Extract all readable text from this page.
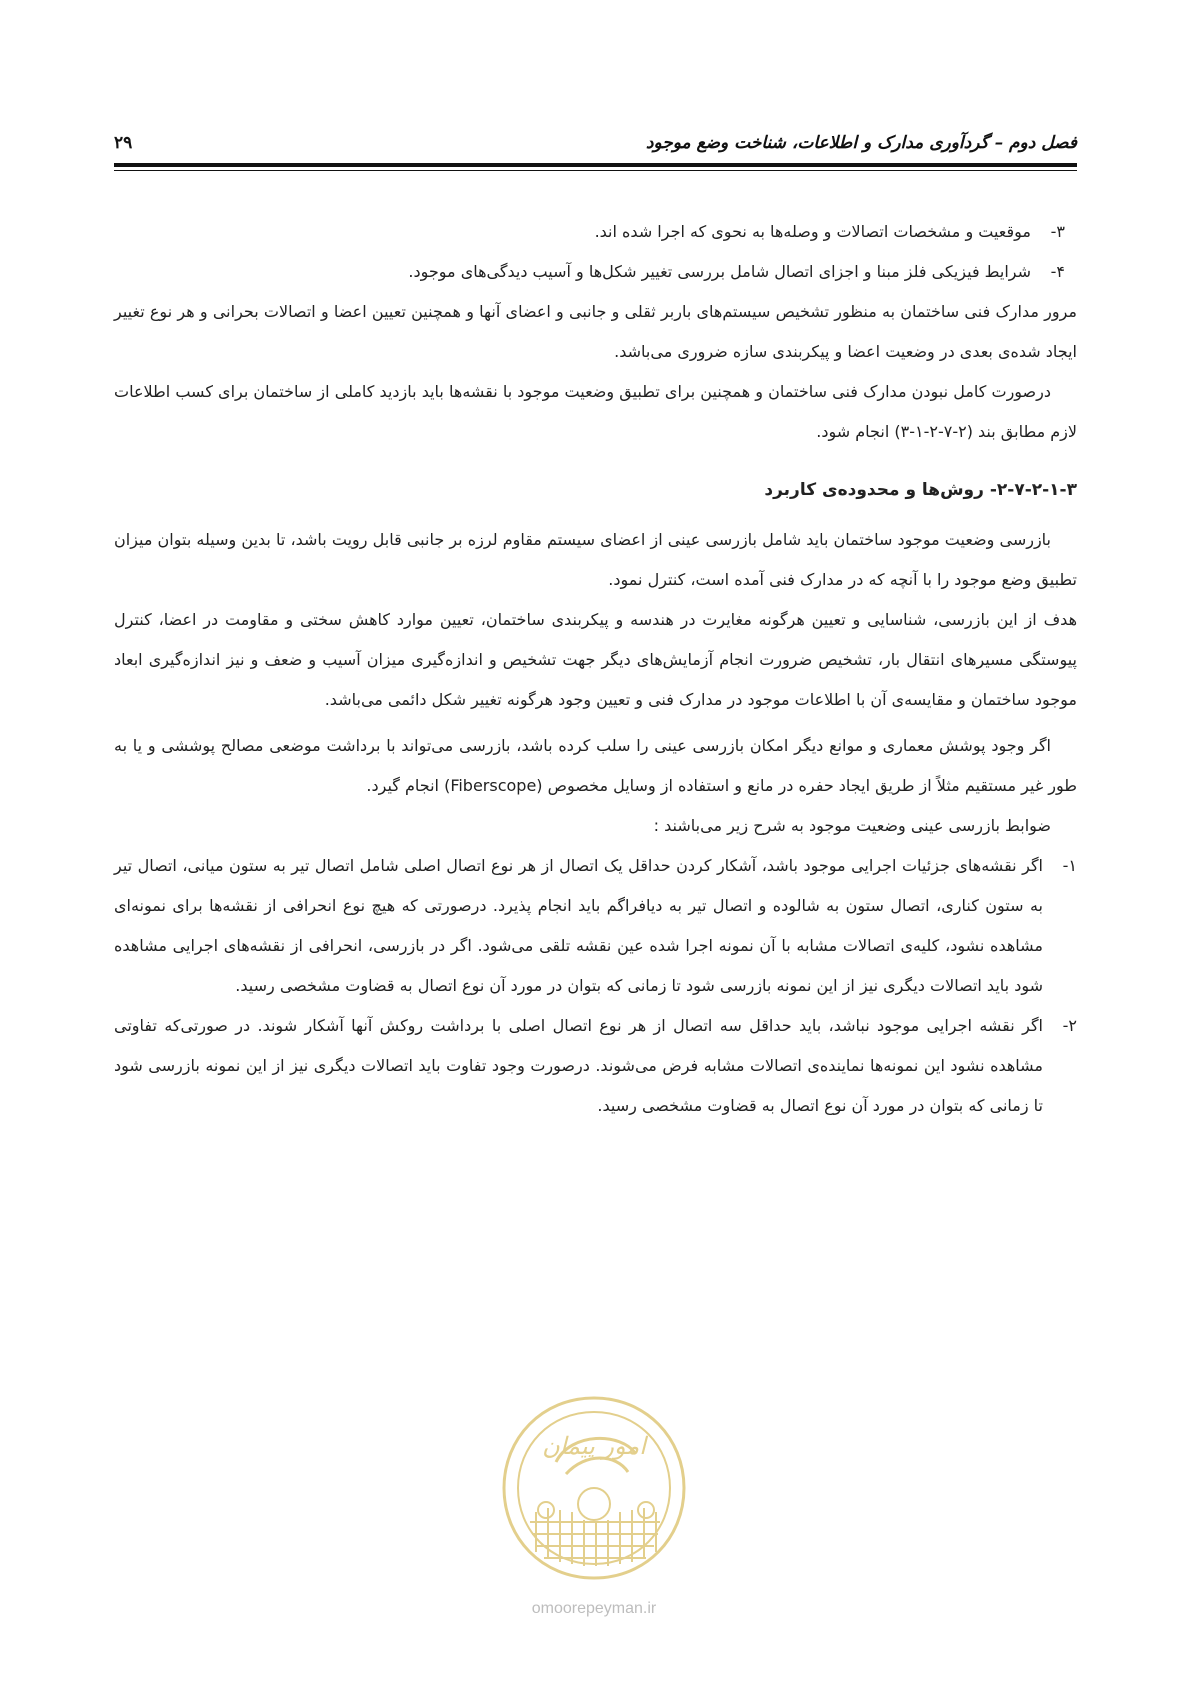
فصل دوم – گردآوری مدارک و اطلاعات، شناخت وضع موجود
۲۹

۳-
موقعیت و مشخصات اتصالات و وصله‌ها به نحوی که اجرا شده اند.

۴-
شرایط فیزیکی فلز مبنا و اجزای اتصال شامل بررسی تغییر شکل‌ها و آسیب دیدگی‌های موجود.

مرور مدارک فنی ساختمان به منظور تشخیص سیستم‌های باربر ثقلی و جانبی و اعضای آنها و همچنین تعیین اعضا و اتصالات بحرانی و هر نوع تغییر ایجاد شده‌ی بعدی در وضعیت اعضا و پیکربندی سازه ضروری می‌باشد.

درصورت کامل نبودن مدارک فنی ساختمان و همچنین برای تطبیق وضعیت موجود با نقشه‌ها باید بازدید کاملی از ساختمان برای کسب اطلاعات لازم مطابق بند (۲-۷-۲-۱-۳) انجام شود.

۲-۷-۲-۱-۳- روش‌ها و محدوده‌ی کاربرد

بازرسی وضعیت موجود ساختمان باید شامل بازرسی عینی از اعضای سیستم مقاوم لرزه بر جانبی قابل رویت باشد، تا بدین وسیله بتوان میزان تطبیق وضع موجود را با آنچه که در مدارک فنی آمده است، کنترل نمود.

هدف از این بازرسی، شناسایی و تعیین هرگونه مغایرت در هندسه و پیکربندی ساختمان، تعیین موارد کاهش سختی و مقاومت در اعضا، کنترل پیوستگی مسیرهای انتقال بار، تشخیص ضرورت انجام آزمایش‌های دیگر جهت تشخیص و اندازه‌گیری میزان آسیب و ضعف و نیز اندازه‌گیری ابعاد موجود ساختمان و مقایسه‌ی آن با اطلاعات موجود در مدارک فنی و تعیین وجود هرگونه تغییر شکل دائمی می‌باشد.

اگر وجود پوشش معماری و موانع دیگر امکان بازرسی عینی را سلب کرده باشد، بازرسی می‌تواند با برداشت موضعی مصالح پوششی و یا به طور غیر مستقیم مثلاً از طریق ایجاد حفره در مانع و استفاده از وسایل مخصوص (Fiberscope) انجام گیرد.

ضوابط بازرسی عینی وضعیت موجود به شرح زیر می‌باشند :

۱-
اگر نقشه‌های جزئیات اجرایی موجود باشد، آشکار کردن حداقل یک اتصال از هر نوع اتصال اصلی شامل اتصال تیر به ستون میانی، اتصال تیر به ستون کناری، اتصال ستون به شالوده و اتصال تیر به دیافراگم باید انجام پذیرد. درصورتی که هیچ نوع انحرافی از نقشه‌ها برای نمونه‌ای مشاهده نشود، کلیه‌ی اتصالات مشابه با آن نمونه اجرا شده عین نقشه تلقی می‌شود. اگر در بازرسی، انحرافی از نقشه‌های اجرایی مشاهده شود باید اتصالات دیگری نیز از این نمونه بازرسی شود تا زمانی که بتوان در مورد آن نوع اتصال به قضاوت مشخصی رسید.

۲-
اگر نقشه اجرایی موجود نباشد، باید حداقل سه اتصال از هر نوع اتصال اصلی با برداشت روکش آنها آشکار شوند. در صورتی‌که تفاوتی مشاهده نشود این نمونه‌ها نماینده‌ی اتصالات مشابه فرض می‌شوند. درصورت وجود تفاوت باید اتصالات دیگری نیز از این نمونه بازرسی شود تا زمانی که بتوان در مورد آن نوع اتصال به قضاوت مشخصی رسید.

امور پیمان
omoorepeyman.ir
